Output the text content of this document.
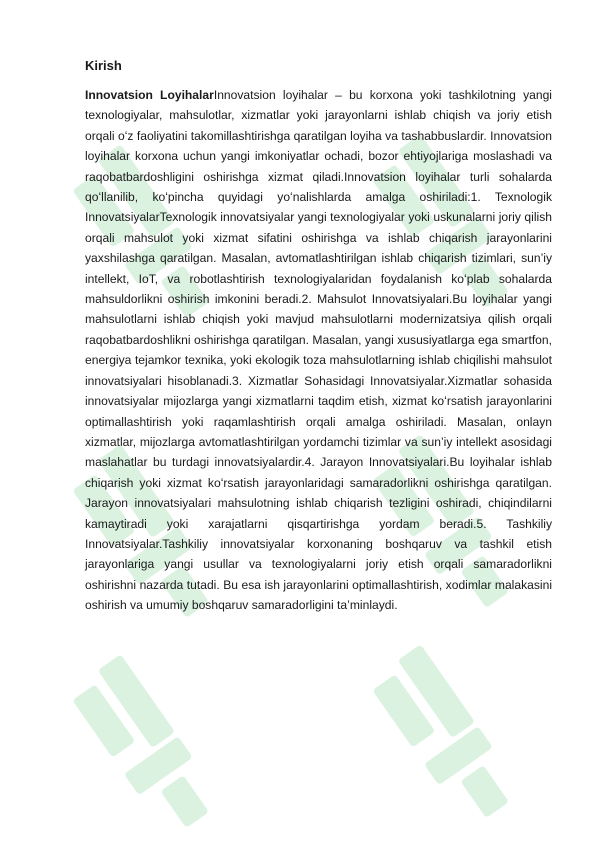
Kirish

Innovatsion LoyihalarInnovatsion loyihalar – bu korxona yoki tashkilotning yangi texnologiyalar, mahsulotlar, xizmatlar yoki jarayonlarni ishlab chiqish va joriy etish orqali oʻz faoliyatini takomillashtirishga qaratilgan loyiha va tashabbuslardir. Innovatsion loyihalar korxona uchun yangi imkoniyatlar ochadi, bozor ehtiyojlariga moslashadi va raqobatbardoshligini oshirishga xizmat qiladi.Innovatsion loyihalar turli sohalarda qoʻllanilib, koʻpincha quyidagi yoʻnalishlarda amalga oshiriladi:1. Texnologik InnovatsiyalarTexnologik innovatsiyalar yangi texnologiyalar yoki uskunalarni joriy qilish orqali mahsulot yoki xizmat sifatini oshirishga va ishlab chiqarish jarayonlarini yaxshilashga qaratilgan. Masalan, avtomatlashtirilgan ishlab chiqarish tizimlari, sun’iy intellekt, IoT, va robotlashtirish texnologiyalaridan foydalanish koʻplab sohalarda mahsuldorlikni oshirish imkonini beradi.2. Mahsulot Innovatsiyalari.Bu loyihalar yangi mahsulotlarni ishlab chiqish yoki mavjud mahsulotlarni modernizatsiya qilish orqali raqobatbardoshlikni oshirishga qaratilgan. Masalan, yangi xususiyatlarga ega smartfon, energiya tejamkor texnika, yoki ekologik toza mahsulotlarning ishlab chiqilishi mahsulot innovatsiyalari hisoblanadi.3. Xizmatlar Sohasidagi Innovatsiyalar.Xizmatlar sohasida innovatsiyalar mijozlarga yangi xizmatlarni taqdim etish, xizmat koʻrsatish jarayonlarini optimallashtirish yoki raqamlashtirish orqali amalga oshiriladi. Masalan, onlayn xizmatlar, mijozlarga avtomatlashtirilgan yordamchi tizimlar va sun’iy intellekt asosidagi maslahatlar bu turdagi innovatsiyalardir.4. Jarayon Innovatsiyalari.Bu loyihalar ishlab chiqarish yoki xizmat koʻrsatish jarayonlaridagi samaradorlikni oshirishga qaratilgan. Jarayon innovatsiyalari mahsulotning ishlab chiqarish tezligini oshiradi, chiqindilarni kamaytiradi yoki xarajatlarni qisqartirishga yordam beradi.5. Tashkiliy Innovatsiyalar.Tashkiliy innovatsiyalar korxonaning boshqaruv va tashkil etish jarayonlariga yangi usullar va texnologiyalarni joriy etish orqali samaradorlikni oshirishni nazarda tutadi. Bu esa ish jarayonlarini optimallashtirish, xodimlar malakasini oshirish va umumiy boshqaruv samaradorligini ta’minlaydi.
